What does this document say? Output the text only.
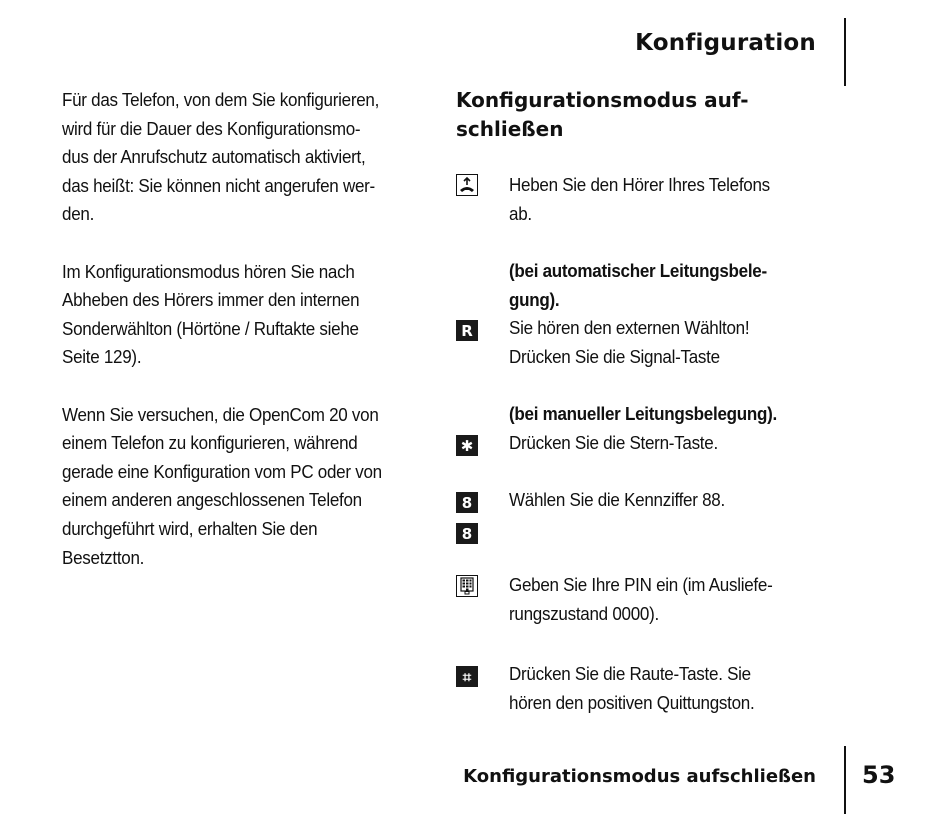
Konfiguration

Für das Telefon, von dem Sie konfigurieren,
wird für die Dauer des Konfigurationsmo-
dus der Anrufschutz automatisch aktiviert,
das heißt: Sie können nicht angerufen wer-
den.

Im Konfigurationsmodus hören Sie nach
Abheben des Hörers immer den internen
Sonderwählton (Hörtöne / Ruftakte siehe
Seite 129).

Wenn Sie versuchen, die OpenCom 20 von
einem Telefon zu konfigurieren, während
gerade eine Konfiguration vom PC oder von
einem anderen angeschlossenen Telefon
durchgeführt wird, erhalten Sie den
Besetztton.

Konfigurationsmodus auf-
schließen
Heben Sie den Hörer Ihres Telefons
ab.
(bei automatischer Leitungsbele-
gung).
R Sie hören den externen Wählton!
Drücken Sie die Signal-Taste
(bei manueller Leitungsbelegung).
✱ Drücken Sie die Stern-Taste.
8
8
Wählen Sie die Kennziffer 88.
Geben Sie Ihre PIN ein (im Ausliefe-
rungszustand 0000).
⌗	Drücken Sie die Raute-Taste. Sie
hören den positiven Quittungston.
Konfigurationsmodus aufschließen 53
